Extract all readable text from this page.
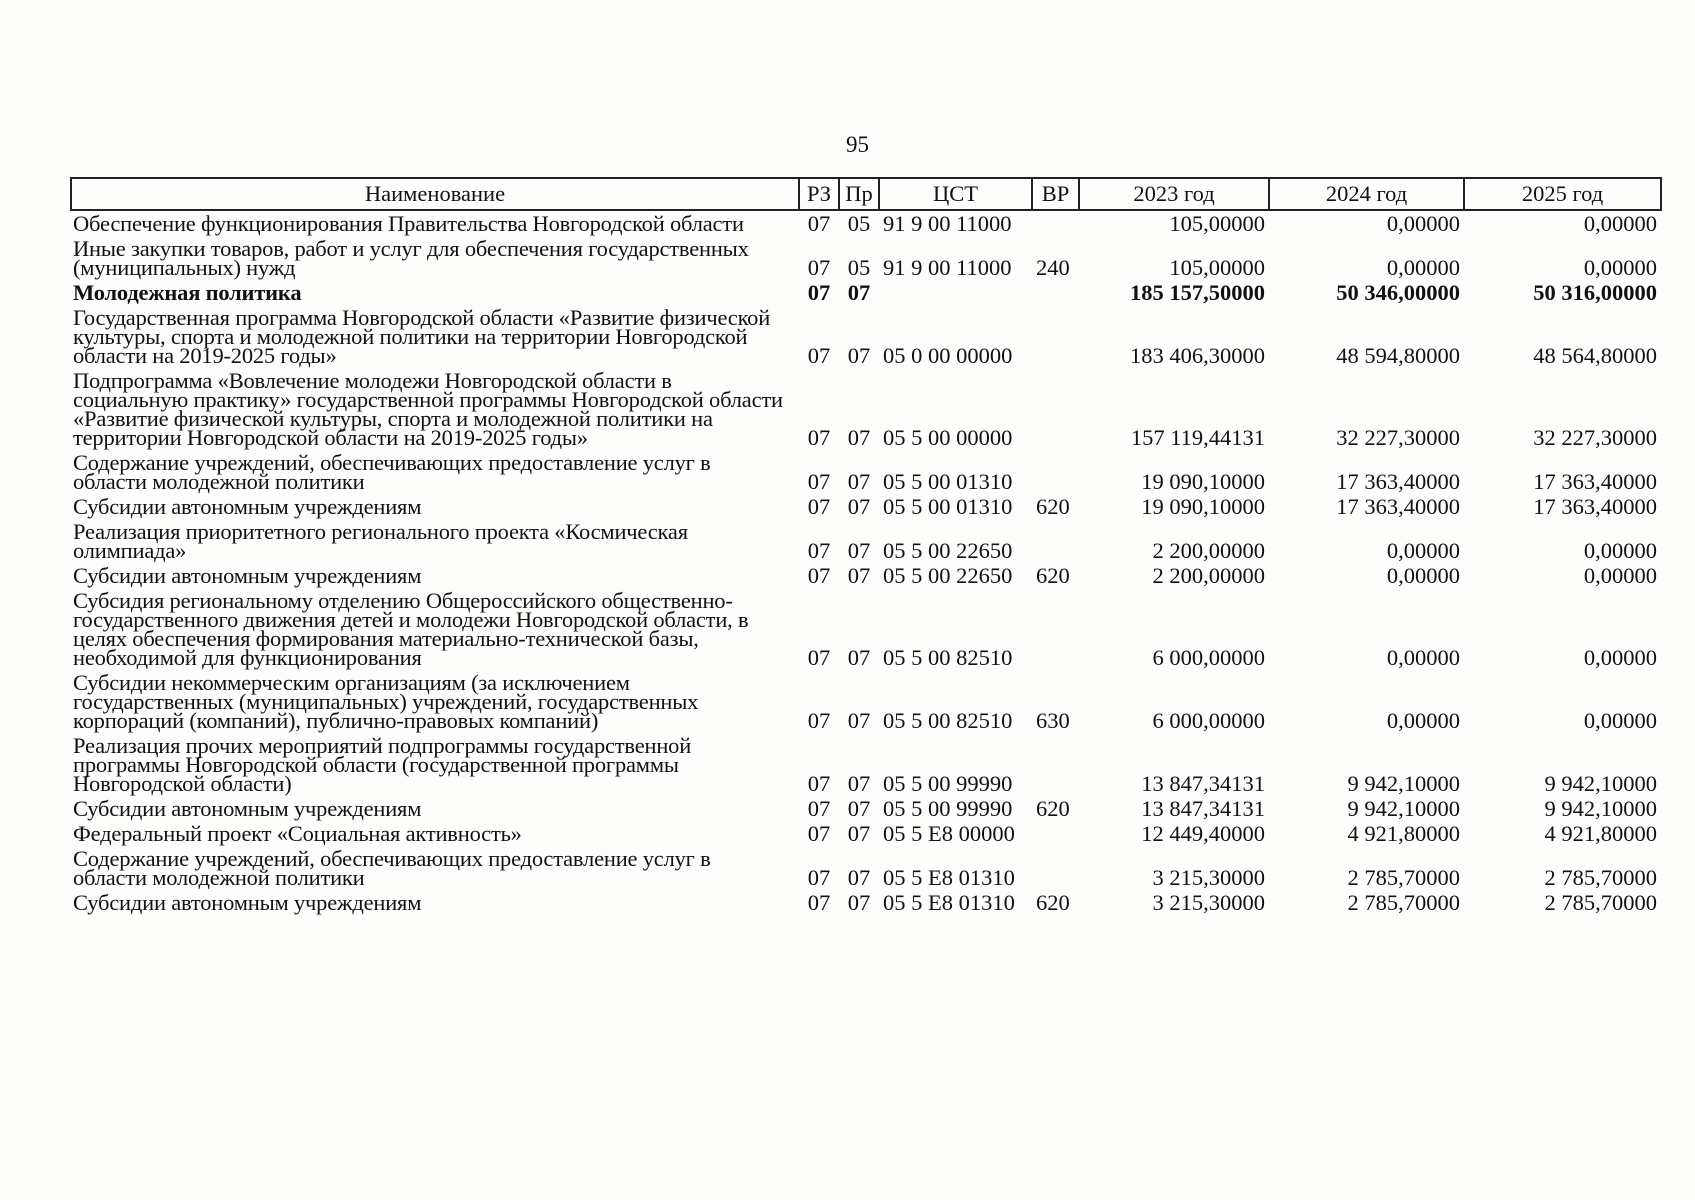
95
Наименование	РЗ	Пр	ЦСТ	ВР	2023 год	2024 год	2025 год
Обеспечение функционирования Правительства Новгородской области	07	05	91 9 00 11000		105,00000	0,00000	0,00000
Иные закупки товаров, работ и услуг для обеспечения государственных (муниципальных) нужд	07	05	91 9 00 11000	240	105,00000	0,00000	0,00000
Молодежная политика	07	07			185 157,50000	50 346,00000	50 316,00000
Государственная программа Новгородской области «Развитие физической культуры, спорта и молодежной политики на территории Новгородской области на 2019-2025 годы»	07	07	05 0 00 00000		183 406,30000	48 594,80000	48 564,80000
Подпрограмма «Вовлечение молодежи Новгородской области в социальную практику» государственной программы Новгородской области «Развитие физической культуры, спорта и молодежной политики на территории Новгородской области на 2019-2025 годы»	07	07	05 5 00 00000		157 119,44131	32 227,30000	32 227,30000
Содержание учреждений, обеспечивающих предоставление услуг в области молодежной политики	07	07	05 5 00 01310		19 090,10000	17 363,40000	17 363,40000
Субсидии автономным учреждениям	07	07	05 5 00 01310	620	19 090,10000	17 363,40000	17 363,40000
Реализация приоритетного регионального проекта «Космическая олимпиада»	07	07	05 5 00 22650		2 200,00000	0,00000	0,00000
Субсидии автономным учреждениям	07	07	05 5 00 22650	620	2 200,00000	0,00000	0,00000
Субсидия региональному отделению Общероссийского общественно-государственного движения детей и молодежи Новгородской области, в целях обеспечения формирования материально-технической базы, необходимой для функционирования	07	07	05 5 00 82510		6 000,00000	0,00000	0,00000
Субсидии некоммерческим организациям (за исключением государственных (муниципальных) учреждений, государственных корпораций (компаний), публично-правовых компаний)	07	07	05 5 00 82510	630	6 000,00000	0,00000	0,00000
Реализация прочих мероприятий подпрограммы государственной программы Новгородской области (государственной программы Новгородской области)	07	07	05 5 00 99990		13 847,34131	9 942,10000	9 942,10000
Субсидии автономным учреждениям	07	07	05 5 00 99990	620	13 847,34131	9 942,10000	9 942,10000
Федеральный проект «Социальная активность»	07	07	05 5 E8 00000		12 449,40000	4 921,80000	4 921,80000
Содержание учреждений, обеспечивающих предоставление услуг в области молодежной политики	07	07	05 5 E8 01310		3 215,30000	2 785,70000	2 785,70000
Субсидии автономным учреждениям	07	07	05 5 E8 01310	620	3 215,30000	2 785,70000	2 785,70000
